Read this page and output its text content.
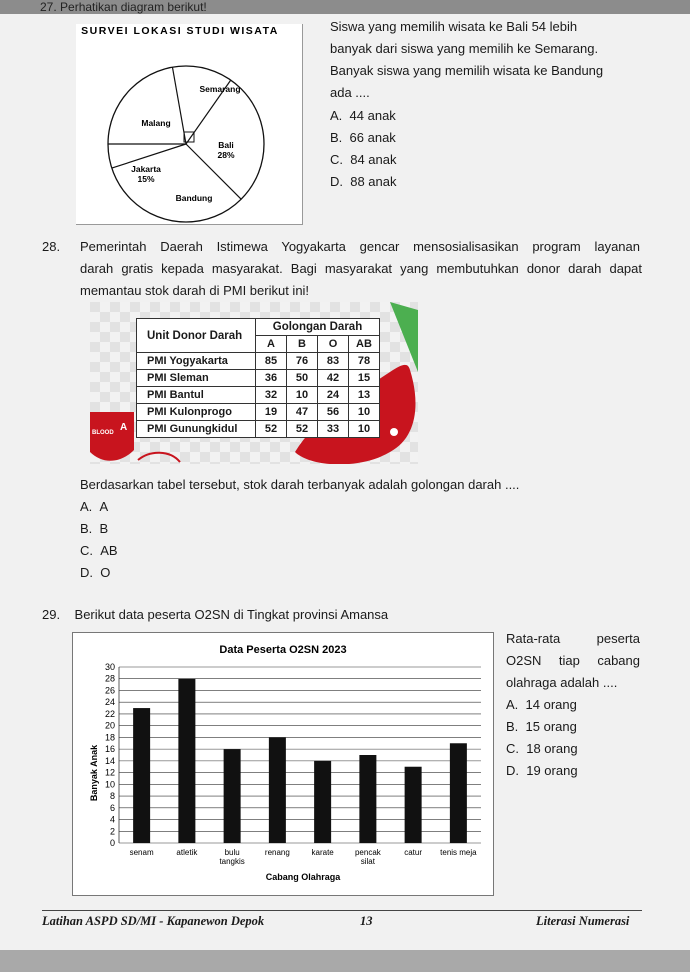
27. Perhatikan diagram berikut!
SURVEI LOKASI STUDI WISATA
Semarang
Bali
28%
Bandung
Jakarta
15%
Malang
Siswa yang memilih wisata ke Bali 54 lebih
banyak dari siswa yang memilih ke Semarang.
Banyak siswa yang memilih wisata ke Bandung
ada ....
A. 44 anak
B. 66 anak
C. 84 anak
D. 88 anak
28. Pemerintah Daerah Istimewa Yogyakarta gencar mensosialisasikan program layanan
darah gratis kepada masyarakat. Bagi masyarakat yang membutuhkan donor darah dapat
memantau stok darah di PMI berikut ini!
BLOOD A
Unit Donor Darah	Golongan Darah			
	A	B	O	AB
PMI Yogyakarta	85	76	83	78
PMI Sleman	36	50	42	15
PMI Bantul	32	10	24	13
PMI Kulonprogo	19	47	56	10
PMI Gunungkidul	52	52	33	10
Berdasarkan tabel tersebut, stok darah terbanyak adalah golongan darah ....
A. A
B. B
C. AB
D. O
29. Berikut data peserta O2SN di Tingkat provinsi Amansa
Data Peserta O2SN 2023
Banyak Anak
Cabang Olahraga
0
2
4
6
8
10
12
14
16
18
20
22
24
26
28
30
senam	atletik	bulu
tangkis
renang	karate	pencak
silat
catur tenis meja
Rata-rata peserta
O2SN tiap cabang
olahraga adalah ....
A. 14 orang
B. 15 orang
C. 18 orang
D. 19 orang
Latihan ASPD SD/MI - Kapanewon Depok	13	Literasi Numerasi
